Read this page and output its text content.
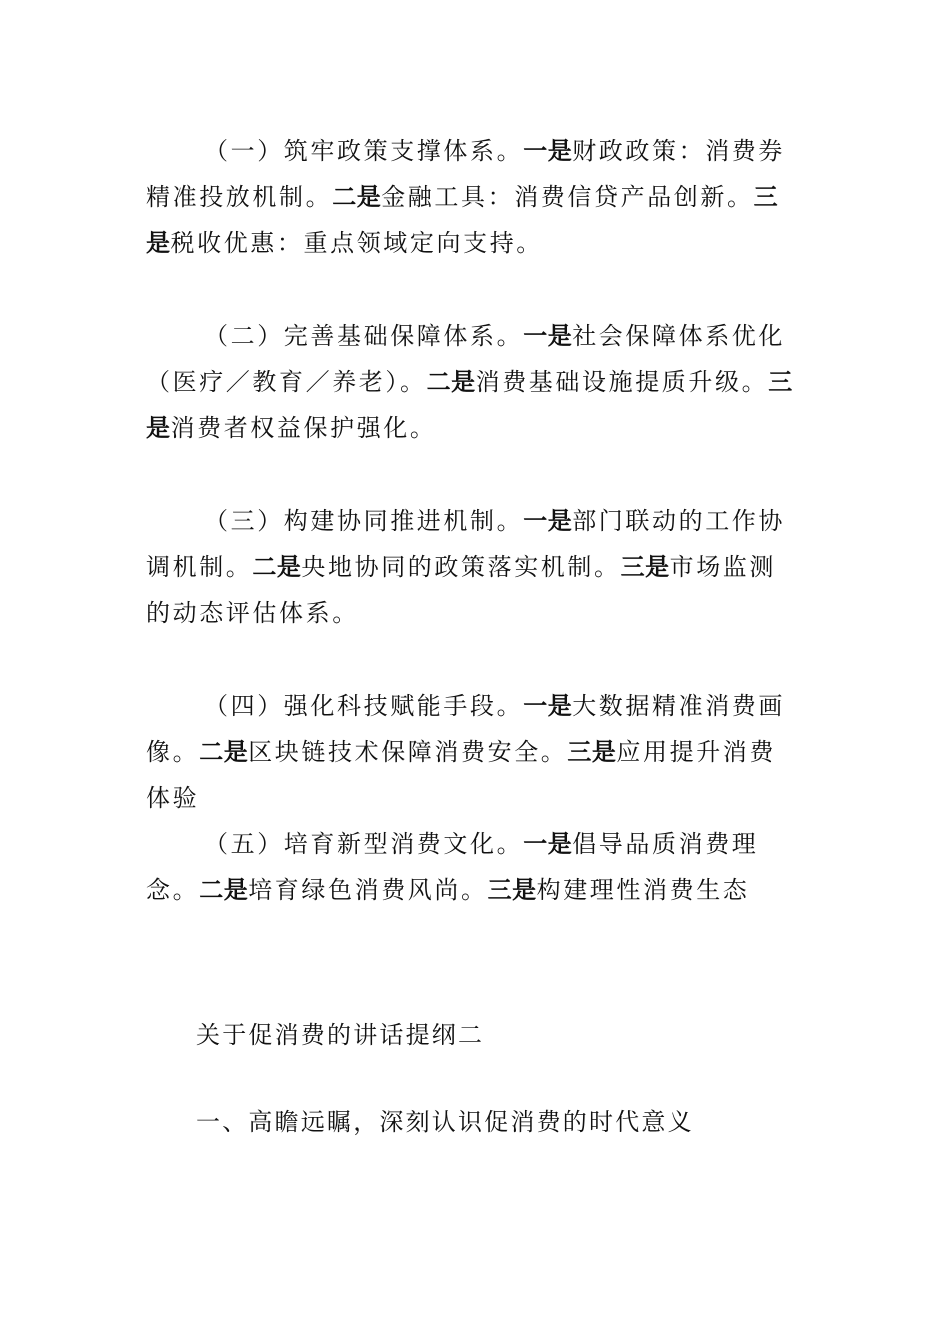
（一）筑牢政策支撑体系。一是财政政策：消费券精准投放机制。二是金融工具：消费信贷产品创新。三是税收优惠：重点领域定向支持。

（二）完善基础保障体系。一是社会保障体系优化（医疗／教育／养老）。二是消费基础设施提质升级。三是消费者权益保护强化。

（三）构建协同推进机制。一是部门联动的工作协调机制。二是央地协同的政策落实机制。三是市场监测的动态评估体系。

（四）强化科技赋能手段。一是大数据精准消费画像。二是区块链技术保障消费安全。三是应用提升消费体验

（五）培育新型消费文化。一是倡导品质消费理念。二是培育绿色消费风尚。三是构建理性消费生态

关于促消费的讲话提纲二

一、高瞻远瞩，深刻认识促消费的时代意义
